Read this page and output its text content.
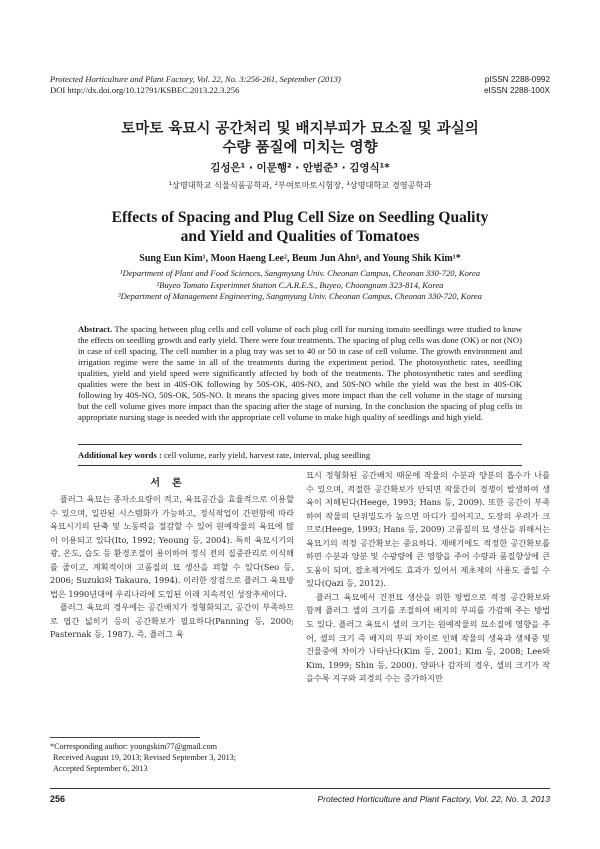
Protected Horticulture and Plant Factory, Vol. 22, No. 3:256-261, September (2013)
DOI http://dx.doi.org/10.12791/KSBEC.2013.22.3.256
pISSN 2288-0992
eISSN 2288-100X
토마토 육묘시 공간처리 및 배지부피가 묘소질 및 과실의
수량 품질에 미치는 영향
김성은¹ · 이문행² · 안범준³ · 김영식¹*
¹상명대학교 식물식품공학과, ²부여토마토시험장, ³상명대학교 경영공학과
Effects of Spacing and Plug Cell Size on Seedling Quality
and Yield and Qualities of Tomatoes
Sung Eun Kim¹, Moon Haeng Lee², Beum Jun Ahn³, and Young Shik Kim¹*
¹Department of Plant and Food Sciences, Sangmyung Univ. Cheonan Campus, Cheonan 330-720, Korea
²Buyeo Tomato Experimnet Station C.A.R.E.S., Buyeo, Choongnam 323-814, Korea
³Department of Management Engineering, Sangmyung Univ. Cheonan Campus, Cheonan 330-720, Korea
Abstract. The spacing between plug cells and cell volume of each plug cell for nursing tomato seedlings were studied to know the effects on seedling growth and early yield. There were four treatments. The spacing of plug cells was done (OK) or not (NO) in case of cell spacing. The cell number in a plug tray was set to 40 or 50 in case of cell volume. The growth environment and irrigation regime were the same in all of the treatments during the experiment period. The photosynthetic rates, seedling qualities, yield and yield speed were significantly affected by both of the treatments. The photosynthetic rates and seedling qualities were the best in 40S-OK following by 50S-OK, 40S-NO, and 50S-NO while the yield was the best in 40S-OK following by 40S-NO, 50S-OK, 50S-NO. It means the spacing gives more impact than the cell volume in the stage of nursing but the cell volume gives more impact than the spacing after the stage of nursing. In the conclusion the spacing of plug cells in appropriate nursing stage is needed with the appropriate cell volume to make high quality of seedlings and high yield.
Additional key words : cell volume, early yield, harvest rate, interval, plug seedling
서론

플러그 육묘는 종자소요량이 적고, 육묘공간을 효율적으로 이용할 수 있으며, 일관된 시스템화가 가능하고, 정식작업이 간편함에 따라 육묘시기의 단축 및 노동력을 절감할 수 있어 원예작물의 육묘에 많이 이용되고 있다(Ito, 1992; Yeoung 등, 2004). 특히 육묘시기의 광, 온도, 습도 등 환경조절이 용이하여 정식 전의 집중관리로 이식해를 줄이고, 계획적이며 고품질의 묘 생산을 꾀할 수 있다(Seo 등, 2006; Suzuki와 Takaura, 1994). 이러한 장점으로 플러그 육묘방법은 1990년대에 우리나라에 도입된 이래 지속적인 성장추세이다.

플러그 육묘의 경우에는 공간배치가 정형화되고, 공간이 부족하므로 엽간 넓히기 등의 공간확보가 필요하다(Panning 등, 2000; Pasternak 등, 1987). 즉, 플러그 육

묘시 정형화된 공간배치 때문에 작물의 수분과 양분의 흡수가 나를 수 있으며, 적절한 공간확보가 안되면 작물간의 경쟁이 발생하여 생육이 저해된다(Heege, 1993; Hans 등, 2009). 또한 공간이 부족하여 작물의 단위밀도가 높으면 마디가 길어지고, 도장의 우려가 크므로(Heege, 1993; Hans 등, 2009) 고품질의 묘 생산을 위해서는 육묘기의 적정 공간확보는 중요하다. 재배기에도 적정한 공간확보를 하면 수분과 양분 및 수광량에 큰 영향을 주어 수량과 품질향상에 큰 도움이 되며, 잡초제거에도 효과가 있어서 제초제의 사용도 줄일 수 있다(Qazi 등, 2012).

플러그 육묘에서 건전묘 생산을 위한 방법으로 적정 공간확보와 함께 플러그 셀의 크기를 조절하여 배지의 부피를 가감해 주는 방법도 있다. 플러그 육묘시 셀의 크기는 원예작물의 묘소질에 영향을 주어, 셀의 크기 즉 배지의 부피 차이로 인해 작물의 생육과 생체중 및 건물중에 차이가 나타난다(Kim 등, 2001; Kim 등, 2008; Lee와 Kim, 1999; Shin 등, 2000). 양파나 감자의 경우, 셀의 크기가 작을수록 지구와 괴경의 수는 증가하지만

*Corresponding author: youngskim77@gmail.com
Received August 19, 2013; Revised September 3, 2013;
Accepted September 6, 2013
256	Protected Horticulture and Plant Factory, Vol. 22, No. 3, 2013
